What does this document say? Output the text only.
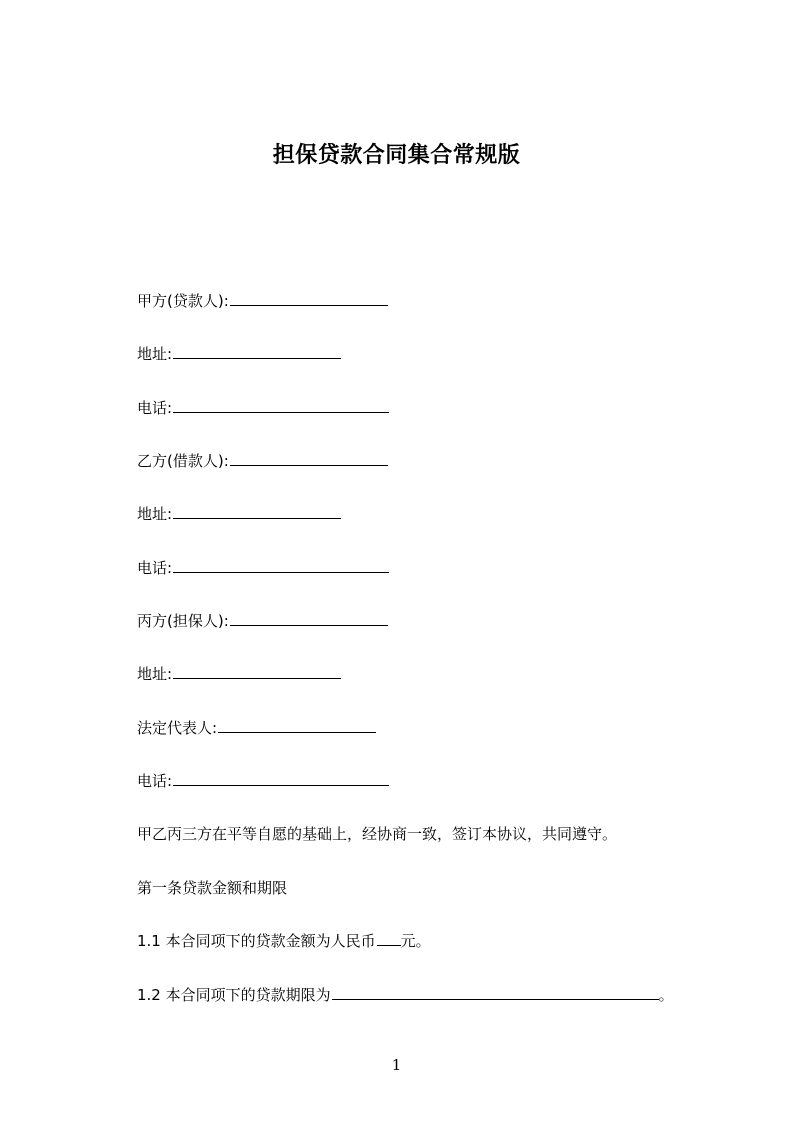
担保贷款合同集合常规版
甲方(贷款人):
地址:
电话:
乙方(借款人):
地址:
电话:
丙方(担保人):
地址:
法定代表人:
电话:
甲乙丙三方在平等自愿的基础上，经协商一致，签订本协议，共同遵守。
第一条贷款金额和期限
1.1 本合同项下的贷款金额为人民币 元。
1.2 本合同项下的贷款期限为	。
1
